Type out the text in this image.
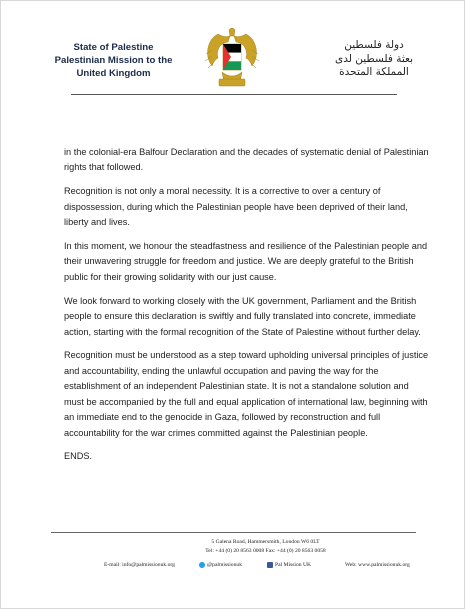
State of Palestine
Palestinian Mission to the
United Kingdom
دولة فلسطين
بعثة فلسطين لدى
المملكة المتحدة

in the colonial-era Balfour Declaration and the decades of systematic denial of Palestinian rights that followed.

Recognition is not only a moral necessity. It is a corrective to over a century of dispossession, during which the Palestinian people have been deprived of their land, liberty and lives.

In this moment, we honour the steadfastness and resilience of the Palestinian people and their unwavering struggle for freedom and justice. We are deeply grateful to the British public for their growing solidarity with our just cause.

We look forward to working closely with the UK government, Parliament and the British people to ensure this declaration is swiftly and fully translated into concrete, immediate action, starting with the formal recognition of the State of Palestine without further delay.

Recognition must be understood as a step toward upholding universal principles of justice and accountability, ending the unlawful occupation and paving the way for the establishment of an independent Palestinian state. It is not a standalone solution and must be accompanied by the full and equal application of international law, beginning with an immediate end to the genocide in Gaza, followed by reconstruction and full accountability for the war crimes committed against the Palestinian people.

ENDS.

5 Galena Road, Hammersmith, London W6 0LT
Tel: +44 (0) 20 8563 0008 Fax: +44 (0) 20 8563 0058
E-mail: info@palmissionuk.org	@palmissionuk	Pal Mission UK	Web: www.palmissionuk.org
